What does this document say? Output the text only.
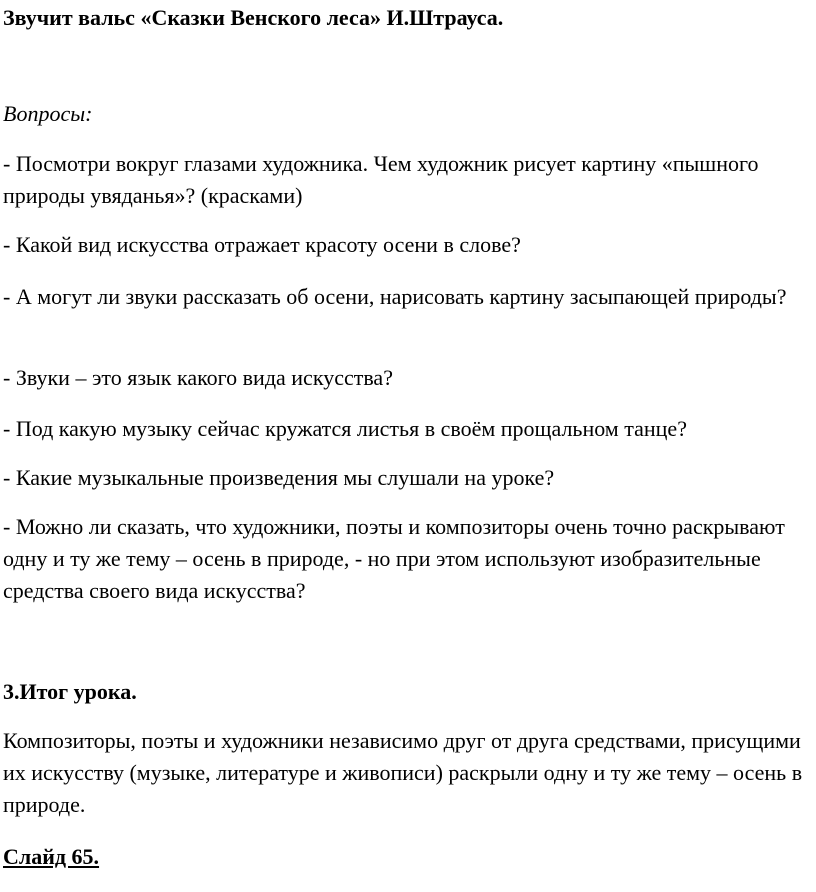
Звучит вальс «Сказки Венского леса» И.Штрауса.
Вопросы:

- Посмотри вокруг глазами художника. Чем художник рисует картину «пышного природы увяданья»? (красками)

- Какой вид искусства отражает красоту осени в слове?

- А могут ли звуки рассказать об осени, нарисовать картину засыпающей природы?

- Звуки – это язык какого вида искусства?

- Под какую музыку сейчас кружатся листья в своём прощальном танце?

- Какие музыкальные произведения мы слушали на уроке?

- Можно ли сказать, что художники, поэты и композиторы очень точно раскрывают одну и ту же тему – осень в природе, - но при этом используют изобразительные средства своего вида искусства?

3.Итог урока.

Композиторы, поэты и художники независимо друг от друга средствами, присущими их искусству (музыке, литературе и живописи) раскрыли одну и ту же тему – осень в природе.

Слайд 65.
